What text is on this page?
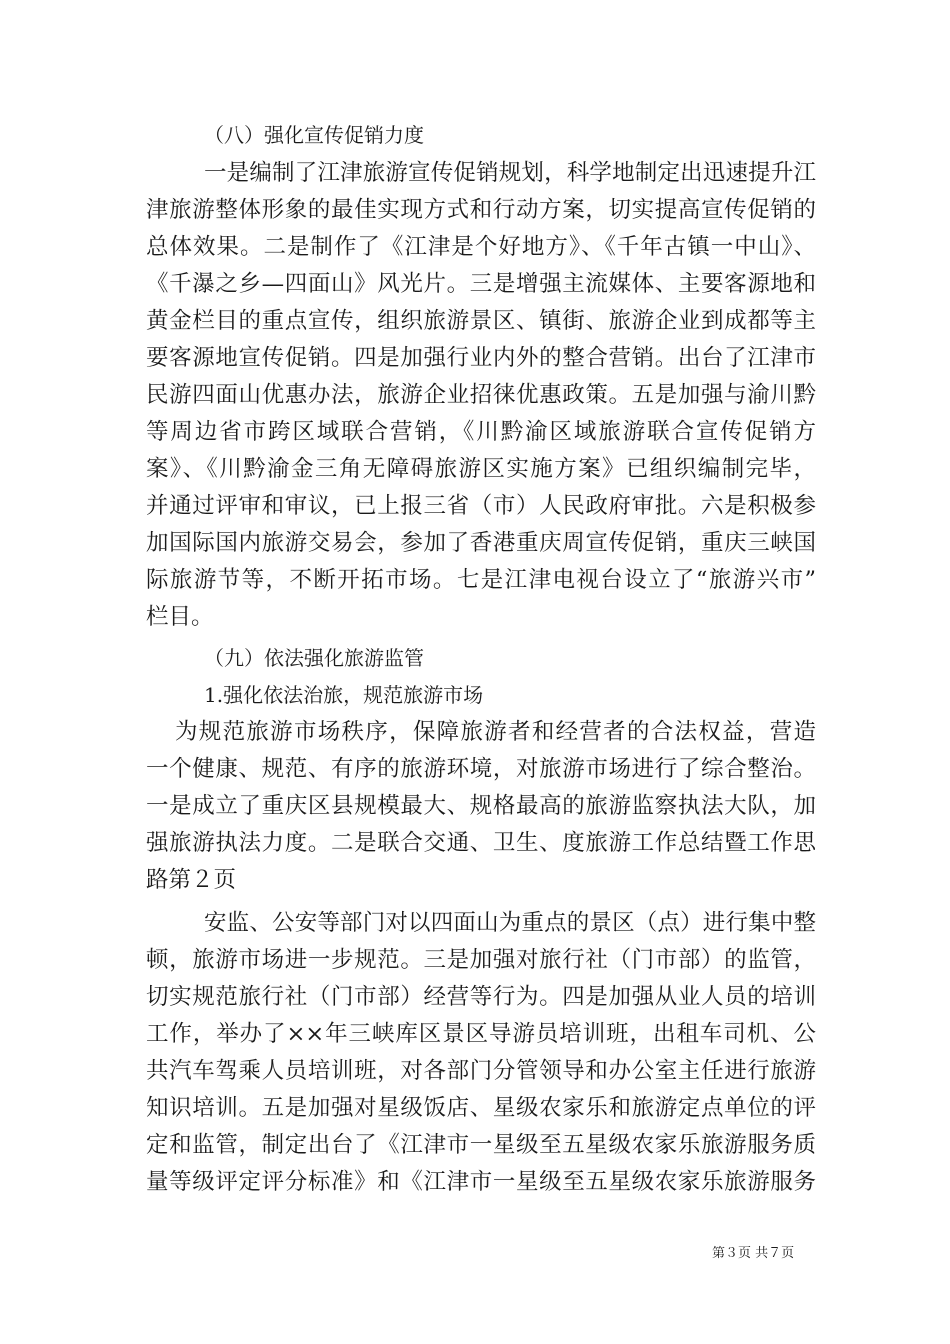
（八）强化宣传促销力度
一是编制了江津旅游宣传促销规划，科学地制定出迅速提升江
津旅游整体形象的最佳实现方式和行动方案，切实提高宣传促销的
总体效果。二是制作了《江津是个好地方》、《千年古镇一中山》、
《千瀑之乡—四面山》风光片。三是增强主流媒体、主要客源地和
黄金栏目的重点宣传，组织旅游景区、镇街、旅游企业到成都等主
要客源地宣传促销。四是加强行业内外的整合营销。出台了江津市
民游四面山优惠办法，旅游企业招徕优惠政策。五是加强与渝川黔
等周边省市跨区域联合营销，《川黔渝区域旅游联合宣传促销方
案》、《川黔渝金三角无障碍旅游区实施方案》已组织编制完毕，
并通过评审和审议，已上报三省（市）人民政府审批。六是积极参
加国际国内旅游交易会，参加了香港重庆周宣传促销，重庆三峡国
际旅游节等，不断开拓市场。七是江津电视台设立了“旅游兴市”
栏目。
（九）依法强化旅游监管
1.强化依法治旅，规范旅游市场
为规范旅游市场秩序，保障旅游者和经营者的合法权益，营造
一个健康、规范、有序的旅游环境，对旅游市场进行了综合整治。
一是成立了重庆区县规模最大、规格最高的旅游监察执法大队，加
强旅游执法力度。二是联合交通、卫生、度旅游工作总结暨工作思
路第２页
安监、公安等部门对以四面山为重点的景区（点）进行集中整
顿，旅游市场进一步规范。三是加强对旅行社（门市部）的监管，
切实规范旅行社（门市部）经营等行为。四是加强从业人员的培训
工作，举办了××年三峡库区景区导游员培训班，出租车司机、公
共汽车驾乘人员培训班，对各部门分管领导和办公室主任进行旅游
知识培训。五是加强对星级饭店、星级农家乐和旅游定点单位的评
定和监管，制定出台了《江津市一星级至五星级农家乐旅游服务质
量等级评定评分标准》和《江津市一星级至五星级农家乐旅游服务
第３页 共７页
